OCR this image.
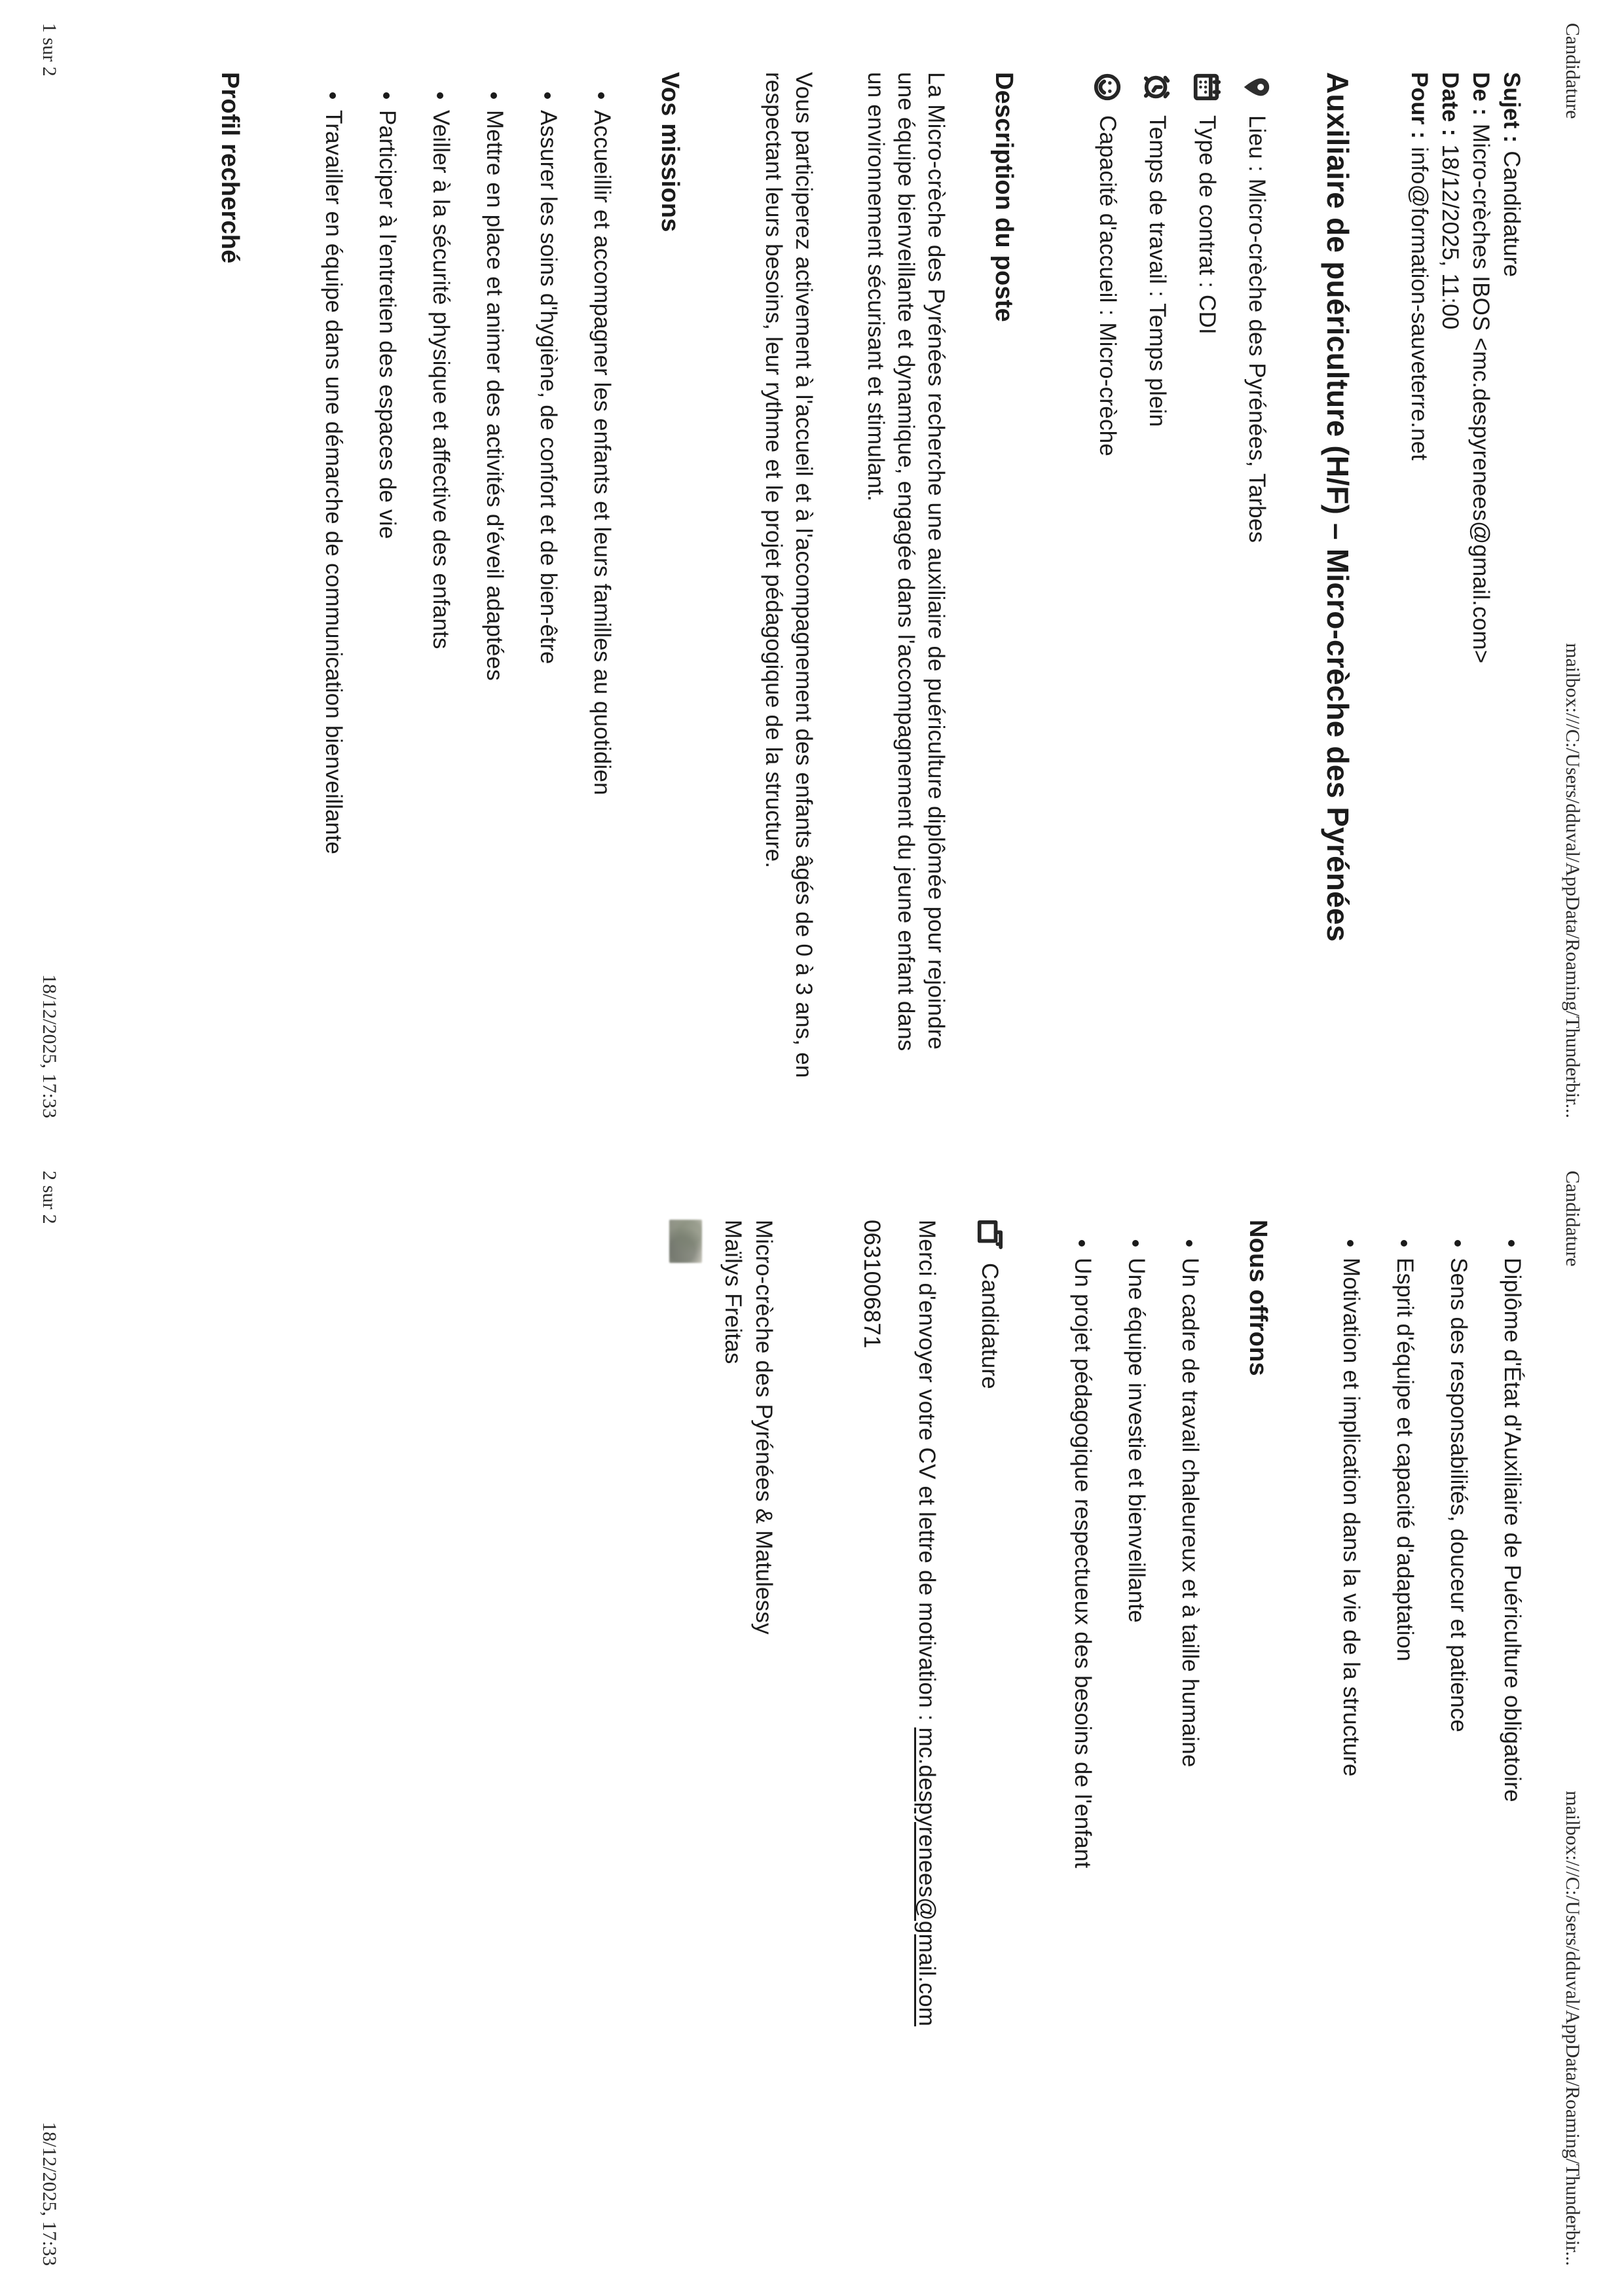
Candidature
mailbox:///C:/Users/dduval/AppData/Roaming/Thunderbir...

Sujet :Candidature

De :Micro-crèches IBOS <mc.despyrenees@gmail.com>

Date :18/12/2025, 11:00

Pour :info@formation-sauveterre.net

Auxiliaire de puériculture (H/F) – Micro-crèche des Pyrénées
Lieu : Micro-crèche des Pyrénées, Tarbes
Type de contrat : CDI
Temps de travail : Temps plein
Capacité d'accueil : Micro-crèche
Description du poste

La Micro-crèche des Pyrénées recherche une auxiliaire de puériculture diplômée pour rejoindre une équipe bienveillante et dynamique, engagée dans l'accompagnement du jeune enfant dans un environnement sécurisant et stimulant.

Vous participerez activement à l'accueil et à l'accompagnement des enfants âgés de 0 à 3 ans, en respectant leurs besoins, leur rythme et le projet pédagogique de la structure.

Vos missions
• Accueillir et accompagner les enfants et leurs familles au quotidien
• Assurer les soins d'hygiène, de confort et de bien-être
• Mettre en place et animer des activités d'éveil adaptées
• Veiller à la sécurité physique et affective des enfants
• Participer à l'entretien des espaces de vie
• Travailler en équipe dans une démarche de communication bienveillante
Profil recherché
1 sur 2
18/12/2025, 17:33
Candidature
mailbox:///C:/Users/dduval/AppData/Roaming/Thunderbir...
• Diplôme d'État d'Auxiliaire de Puériculture obligatoire
• Sens des responsabilités, douceur et patience
• Esprit d'équipe et capacité d'adaptation
• Motivation et implication dans la vie de la structure
Nous offrons
• Un cadre de travail chaleureux et à taille humaine
• Une équipe investie et bienveillante
• Un projet pédagogique respectueux des besoins de l'enfant
Candidature

Merci d'envoyer votre CV et lettre de motivation : mc.despyrenees@gmail.com

0631006871

Micro-crèche des Pyrénées & Matulessy
Maïlys Freitas

2 sur 2
18/12/2025, 17:33
